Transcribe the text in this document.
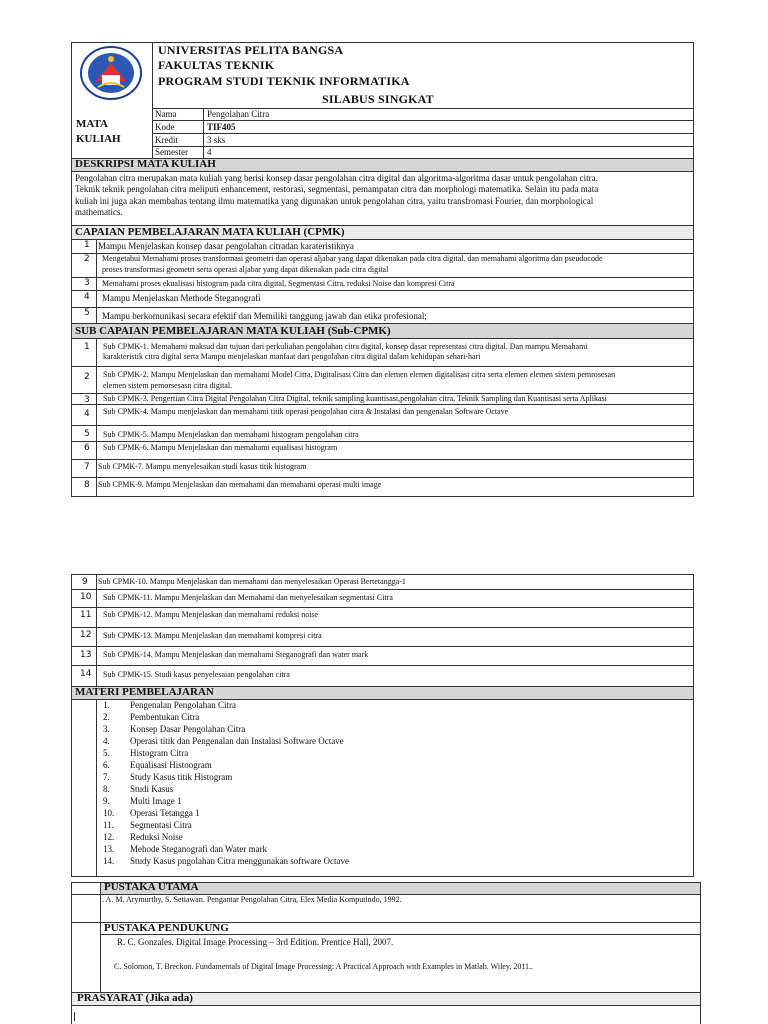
UNIVERSITAS PELITA BANGSA
FAKULTAS TEKNIK
PROGRAM STUDI TEKNIK INFORMATIKA
SILABUS SINGKAT
MATA
KULIAH
Nama	Pengolahan Citra
Kode	TIF405
Kredit	3 sks
Semester 4
DESKRIPSI MATA KULIAH
Pengolahan citra merupakan mata kuliah yang berisi konsep dasar pengolahan citra digital dan algoritma-algoritma dasar untuk pengolahan citra.
Teknik teknik pengolahan citra meliputi enhancement, restorasi, segmentasi, pemampatan citra dan morphologi matematika. Selain itu pada mata
kuliah ini juga akan membahas tentang ilmu matematika yang digunakan untuk pengolahan citra, yaitu transfromasi Fourier, dan morphological
mathematics.
CAPAIAN PEMBELAJARAN MATA KULIAH (CPMK)
1 Mampu Menjelaskan konsep dasar pengolahan citradan karateristiknya
2 Mengetahui Memahami proses transformasi geometri dan operasi aljabar yang dapat dikenakan pada citra digital. dan memahami algoritma dan pseudocode
proses transformasi geometri serta operasi aljabar yang dapat dikenakan pada citra digital
3 Memahami proses ekualisasi histogram pada citra digital, Segmentasi Citra, reduksi Noise dan kompresi Citra
4 Mampu Menjelaskan Methode Steganografi
5 Mampu berkomunikasi secara efektif dan Memiliki tanggung jawab dan etika profesional;
SUB CAPAIAN PEMBELAJARAN MATA KULIAH (Sub-CPMK)
1 Sub CPMK-1. Memahami maksud dan tujuan dari perkuliahan pengolahan citra digital, konsep dasar representasi citra digital. Dan mampu Memahami
karakteristik citra digital serta Mampu menjelaskan manfaat dari pengolahan citra digital dalam kehidupan sehari-hari
2 Sub CPMK-2. Mampu Menjelaskan dan memahami Model Citra, Digitalisasi Citra dan elemen elemen digitalisasi citra serta elemen elemen sistem pemrosesan
elemen sistem pemorsesasn citra digital.
3 Sub CPMK-3. Pengertian Citra Digital Pengolahan Citra Digital, teknik sampling kuantisasi,pengolahan citra, Teknik Sampling dan Kuantisasi serta Aplikasi
4 Sub CPMK-4. Mampu menjelaskan dan memahami titik operasi pengolahan citra & Instalasi dan pengenalan Software Octave
5 Sub CPMK-5. Mampu Menjelaskan dan memahami histogram pengolahan citra
6 Sub CPMK-6. Mampu Menjelaskan dan memahami equalisasi histogram
7 Sub CPMK-7. Mampu menyelesaikan studi kasus titik histogram
8 Sub CPMK-9. Mampu Menjelaskan dan memahami dan memahami operasi multi image
9 Sub CPMK-10. Mampu Menjelaskan dan memahami dan menyelesaikan Operasi Bertetangga-1
10 Sub CPMK-11. Mampu Menjelaskan dan Memahami dan menyelesaikan segmentasi Citra
11 Sub CPMK-12. Mampu Menjelaskan dan memahami reduksi noise
12 Sub CPMK-13. Mampu Menjelaskan dan memahami kompresi citra
13 Sub CPMK-14. Mampu Menjelaskan dan memahami Steganografi dan water mark
14 Sub CPMK-15. Studi kasus penyelesaian pengolahan citra
MATERI PEMBELAJARAN
1. Pengenalan Pengolahan Citra
2. Pembentukan Citra
3. Konsep Dasar Pengolahan Citra
4. Operasi titik dan Pengenalan dan Instalasi Software Octave
5. Histogram Citra
6. Equalisasi Histoogram
7. Study Kasus titik Histogram
8. Studi Kasus
9. Multi Image 1
10. Operasi Tetangga 1
11. Segmentasi Citra
12. Reduksi Noise
13. Mehode Steganografi dan Water mark
14. Study Kasus pngolahan Citra menggunakan software Octave
PUSTAKA UTAMA
. A. M. Arymurthy, S. Setiawan. Pengantar Pengolahan Citra, Elex Media Komputindo, 1992.
PUSTAKA PENDUKUNG
R. C. Gonzales. Digital Image Processing – 3rd Edition. Prentice Hall, 2007.
C. Solomon, T. Breckon. Fundamentals of Digital Image Processing: A Practical Approach with Examples in Matlab. Wiley, 2011..
PRASYARAT (Jika ada)
